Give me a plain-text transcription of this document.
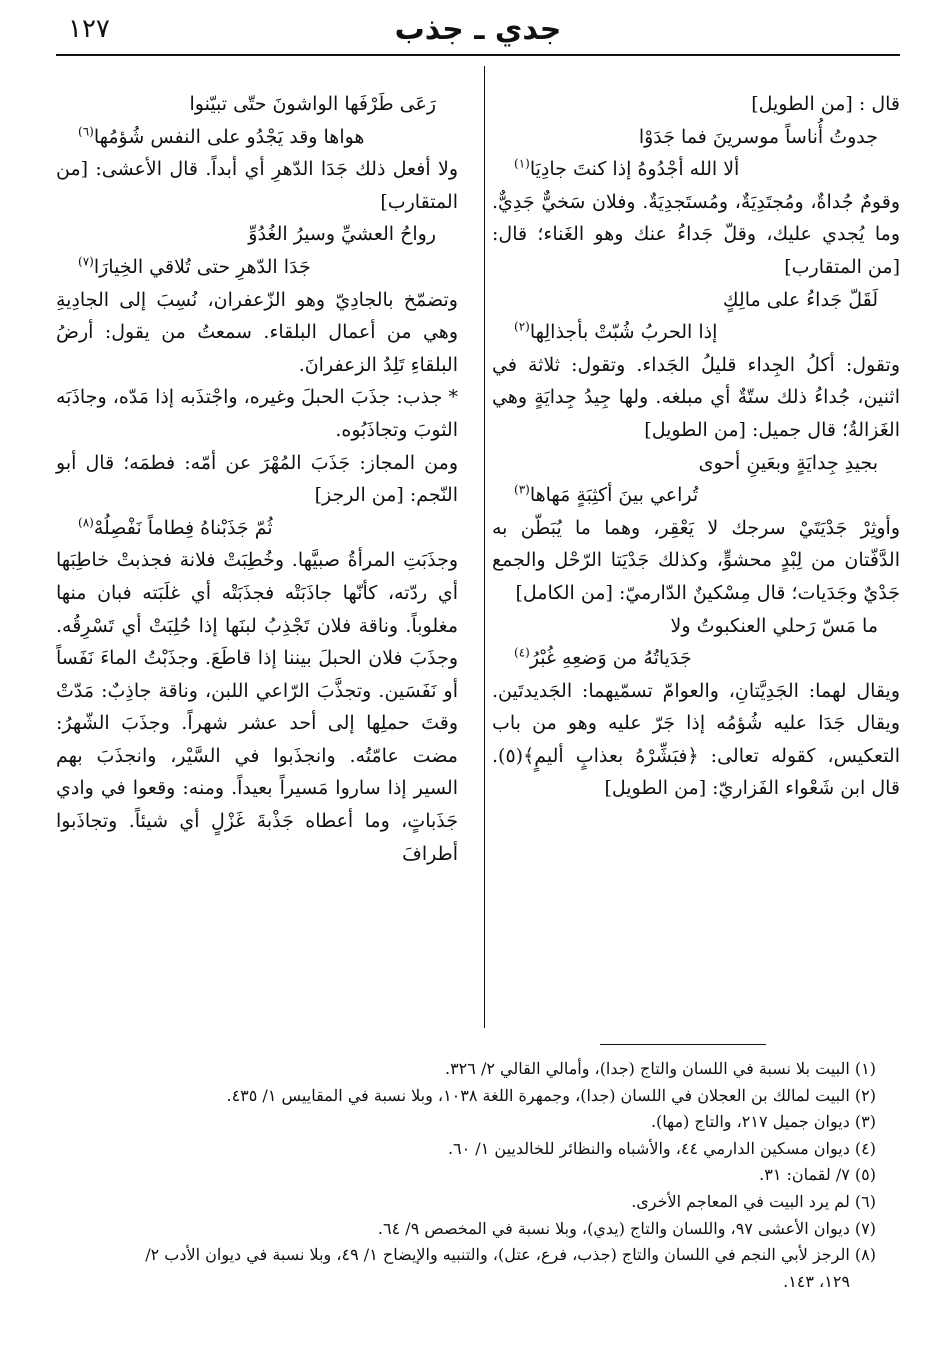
١٢٧	جدي ـ جذب

قال : [من الطويل]

جدوتُ أُناساً موسرينَ فما جَدَوْا
ألا الله أجْدُوهُ إذا كنتَ جادِيَا$^{(١)}$

وقومٌ جُداةٌ، ومُجتَدِيَةٌ، ومُستَجدِيَةٌ. وفلان سَخيٌّ جَدِيٌّ. وما يُجدي عليك، وقلّ جَداءُ عنك وهو الغَناء؛ قال: [من المتقارب]

لَقَلّ جَداءُ على مالِكٍ
إذا الحربُ شُبّتْ بأجذالِها$^{(٢)}$

وتقول: أكلُ الجِداء قليلُ الجَداء. وتقول: ثلاثة في اثنين، جُداءُ ذلك ستّةٌ أي مبلغه. ولها جِيدُ جِدايَةٍ وهي الغَزالةُ؛ قال جميل: [من الطويل]

بجيدِ جِدايَةٍ وبعَينِ أحوى
تُراعي بينَ أكثِبَةٍ مَهاها$^{(٣)}$

وأوثِرْ جَدْيَتَيْ سرجك لا يَعْقِر، وهما ما يُبَطّن به الدَّفّتان من لِبْدٍ محشوٍّ، وكذلك جَدْيَتا الرّحْل والجمع جَدْيٌ وجَدَيات؛ قال مِسْكينٌ الدّارميّ: [من الكامل]

ما مَسّ رَحلي العنكبوتُ ولا
جَدَياتُهُ من وَضعِهِ غُبْرُ$^{(٤)}$

ويقال لهما: الجَدِيَّتانِ، والعوامّ تسمّيهما: الجَديدتَين. ويقال جَدَا عليه شُؤمُه إذا جَرّ عليه وهو من باب التعكيس، كقوله تعالى: ﴿فبَشِّرْهُ بعذابٍ أليمٍ﴾(٥). قال ابن شَعْواء الفَزاريّ: [من الطويل]

رَعَى طَرْفَها الواشونَ حتّى تبيّنوا
هواها وقد يَجْدُو على النفس شُؤمُها$^{(٦)}$

ولا أفعل ذلك جَدَا الدّهرِ أي أبداً. قال الأعشى: [من المتقارب]

رواحُ العشيِّ وسيرُ الغُدُوِّ
جَدَا الدّهرِ حتى تُلاقي الخِيارَا$^{(٧)}$

وتضمّخ بالجادِيّ وهو الزّعفران، نُسِبَ إلى الجادِيةِ وهي من أعمال البلقاء. سمعتُ من يقول: أرضُ البلقاءِ تَلِدُ الزعفرانَ.

* جذب: جذَبَ الحبلَ وغيره، واجْتذَبه إذا مَدّه، وجاذَبَه الثوبَ وتجاذَبُوه.

ومن المجاز: جَذَبَ المُهْرَ عن أمّه: فطمَه؛ قال أبو النّجم: [من الرجز]

ثُمّ جَذَبْناهُ فِطاماً نَفْصِلُهْ$^{(٨)}$

وجذَبَتِ المرأةُ صبيَّها. وخُطِبَتْ فلانة فجذبتْ خاطِبَها أي ردّته، كأنّها جاذَبَتْه فجذَبَتْه أي غلَبَته فبان منها مغلوباً. وناقة فلان تَجْذِبُ لبنَها إذا حُلِبَتْ أي تَسْرِقُه. وجذَبَ فلان الحبلَ بيننا إذا قاطَعَ. وجذَبْتُ الماءَ نَفَساً أو نَفَسَين. وتجذَّبَ الرّاعي اللبن، وناقة جاذِبٌ: مَدّتْ وقتَ حملِها إلى أحد عشر شهراً. وجذَبَ الشّهرُ: مضت عامّتُه. وانجذَبوا في السَّيْر، وانجذَبَ بهم السير إذا ساروا مَسيراً بعيداً. ومنه: وقعوا في وادي جَذَباتٍ، وما أعطاه جَذْبةَ غَزْلٍ أي شيئاً. وتجاذَبوا أطرافَ

(١) البيت بلا نسبة في اللسان والتاج (جدا)، وأمالي القالي ٢/ ٣٢٦.
(٢) البيت لمالك بن العجلان في اللسان (جدا)، وجمهرة اللغة ١٠٣٨، وبلا نسبة في المقاييس ١/ ٤٣٥.
(٣) ديوان جميل ٢١٧، والتاج (مها).
(٤) ديوان مسكين الدارمي ٤٤، والأشباه والنظائر للخالديين ١/ ٦٠.
(٥) ٧/ لقمان: ٣١.
(٦) لم يرد البيت في المعاجم الأخرى.
(٧) ديوان الأعشى ٩٧، واللسان والتاج (يدي)، وبلا نسبة في المخصص ٩/ ٦٤.
(٨) الرجز لأبي النجم في اللسان والتاج (جذب، فرع، عتل)، والتنبيه والإيضاح ١/ ٤٩، وبلا نسبة في ديوان الأدب ٢/
١٢٩، ١٤٣.
